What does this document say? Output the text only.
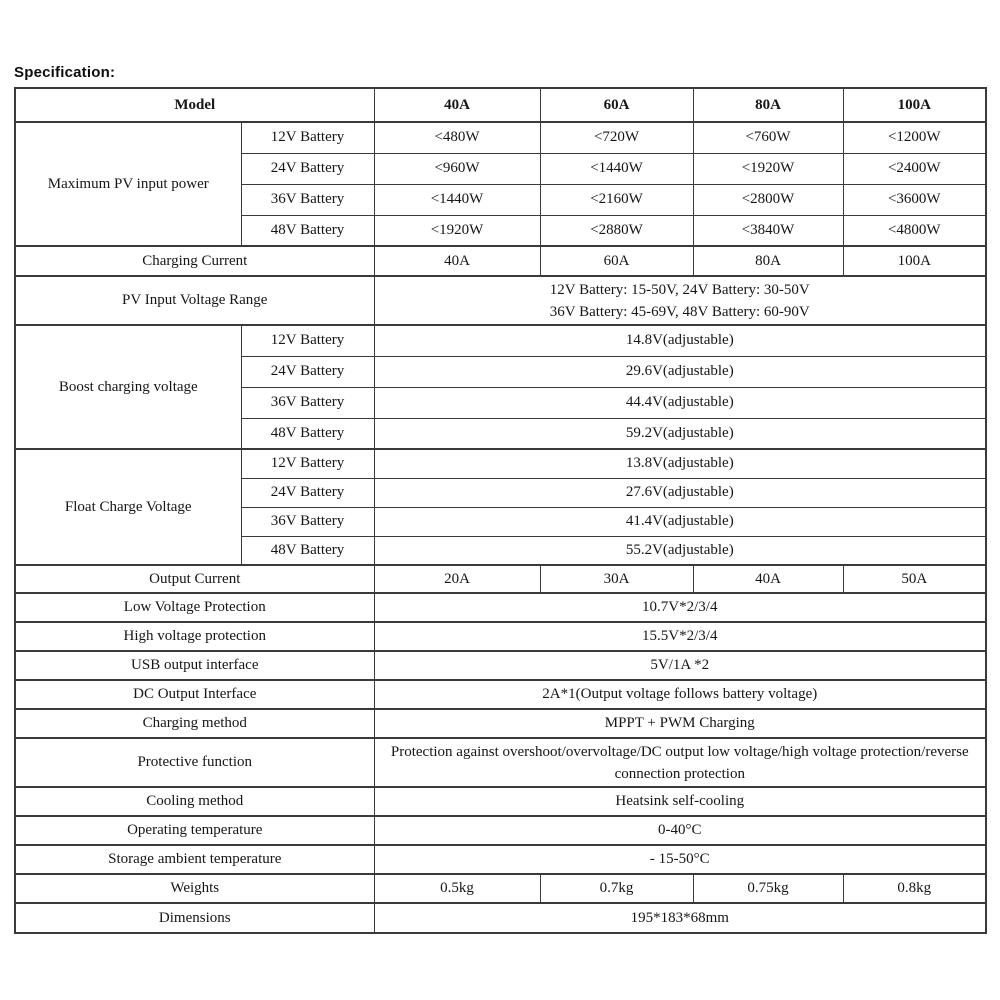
Specification:

Model		40A	60A	80A	100A
Maximum PV input power	12V Battery	<480W	<720W	<760W	<1200W
	24V Battery	<960W	<1440W	<1920W	<2400W
	36V Battery	<1440W	<2160W	<2800W	<3600W
	48V Battery	<1920W	<2880W	<3840W	<4800W
Charging Current		40A	60A	80A	100A
PV Input Voltage Range		12V Battery: 15-50V, 24V Battery: 30-50V
36V Battery: 45-69V, 48V Battery: 60-90V			

Boost charging voltage	12V Battery	14.8V(adjustable)			
	24V Battery	29.6V(adjustable)			
	36V Battery	44.4V(adjustable)			
	48V Battery	59.2V(adjustable)			
Float Charge Voltage	12V Battery	13.8V(adjustable)			
	24V Battery	27.6V(adjustable)			
	36V Battery	41.4V(adjustable)			
	48V Battery	55.2V(adjustable)			
Output Current		20A	30A	40A	50A
Low Voltage Protection		10.7V*2/3/4			
High voltage protection		15.5V*2/3/4			
USB output interface		5V/1A *2			
DC Output Interface		2A*1(Output voltage follows battery voltage)			
Charging method		MPPT + PWM Charging			
Protective function		Protection against overshoot/overvoltage/DC output low voltage/high voltage protection/reverse connection protection			
Cooling method		Heatsink self-cooling			
Operating temperature		0-40°C			
Storage ambient temperature		- 15-50°C			
Weights		0.5kg	0.7kg	0.75kg	0.8kg
Dimensions		195*183*68mm			
